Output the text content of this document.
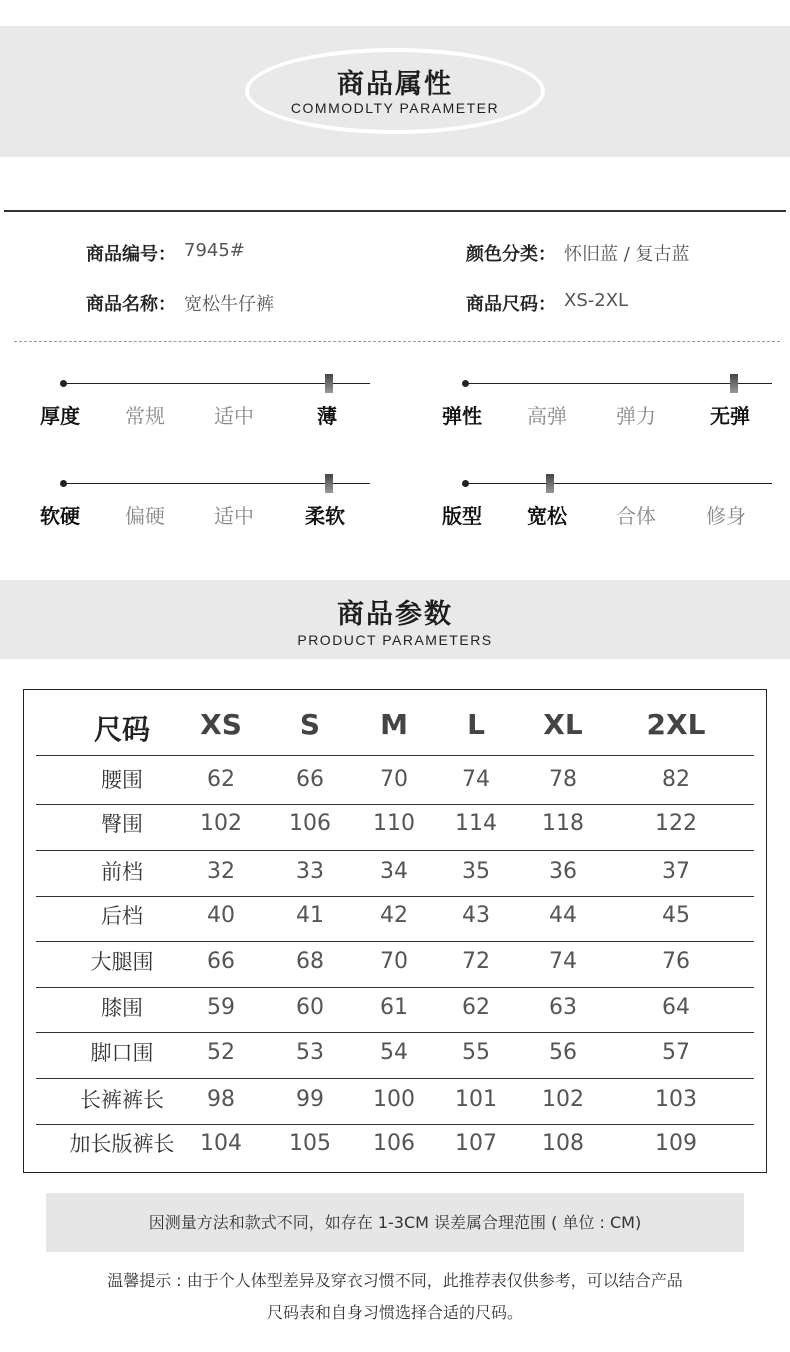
商品属性
COMMODLTY PARAMETER
商品编号： 7945#	颜色分类： 怀旧蓝 / 复古蓝
商品名称： 宽松牛仔裤	商品尺码： XS-2XL
厚度 常规 适中	薄	弹性 高弹 弹力	无弹
软硬 偏硬 适中	柔软	版型 宽松 合体	修身
商品参数
PRODUCT PARAMETERS
尺码	XS	S	M	L	XL	2XL
腰围	62	66	70	74	78	82
臀围	102	106	110	114	118	122
前档	32	33	34	35	36	37
后档	40	41	42	43	44	45
大腿围	66	68	70	72	74	76
膝围	59	60	61	62	63	64
脚口围	52	53	54	55	56	57
长裤裤长	98	99	100	101	102	103
加长版裤长	104	105	106	107	108	109
因测量方法和款式不同，如存在 1-3CM 误差属合理范围 ( 单位 : CM)
温馨提示 : 由于个人体型差异及穿衣习惯不同，此推荐表仅供参考，可以结合产品
尺码表和自身习惯选择合适的尺码。
